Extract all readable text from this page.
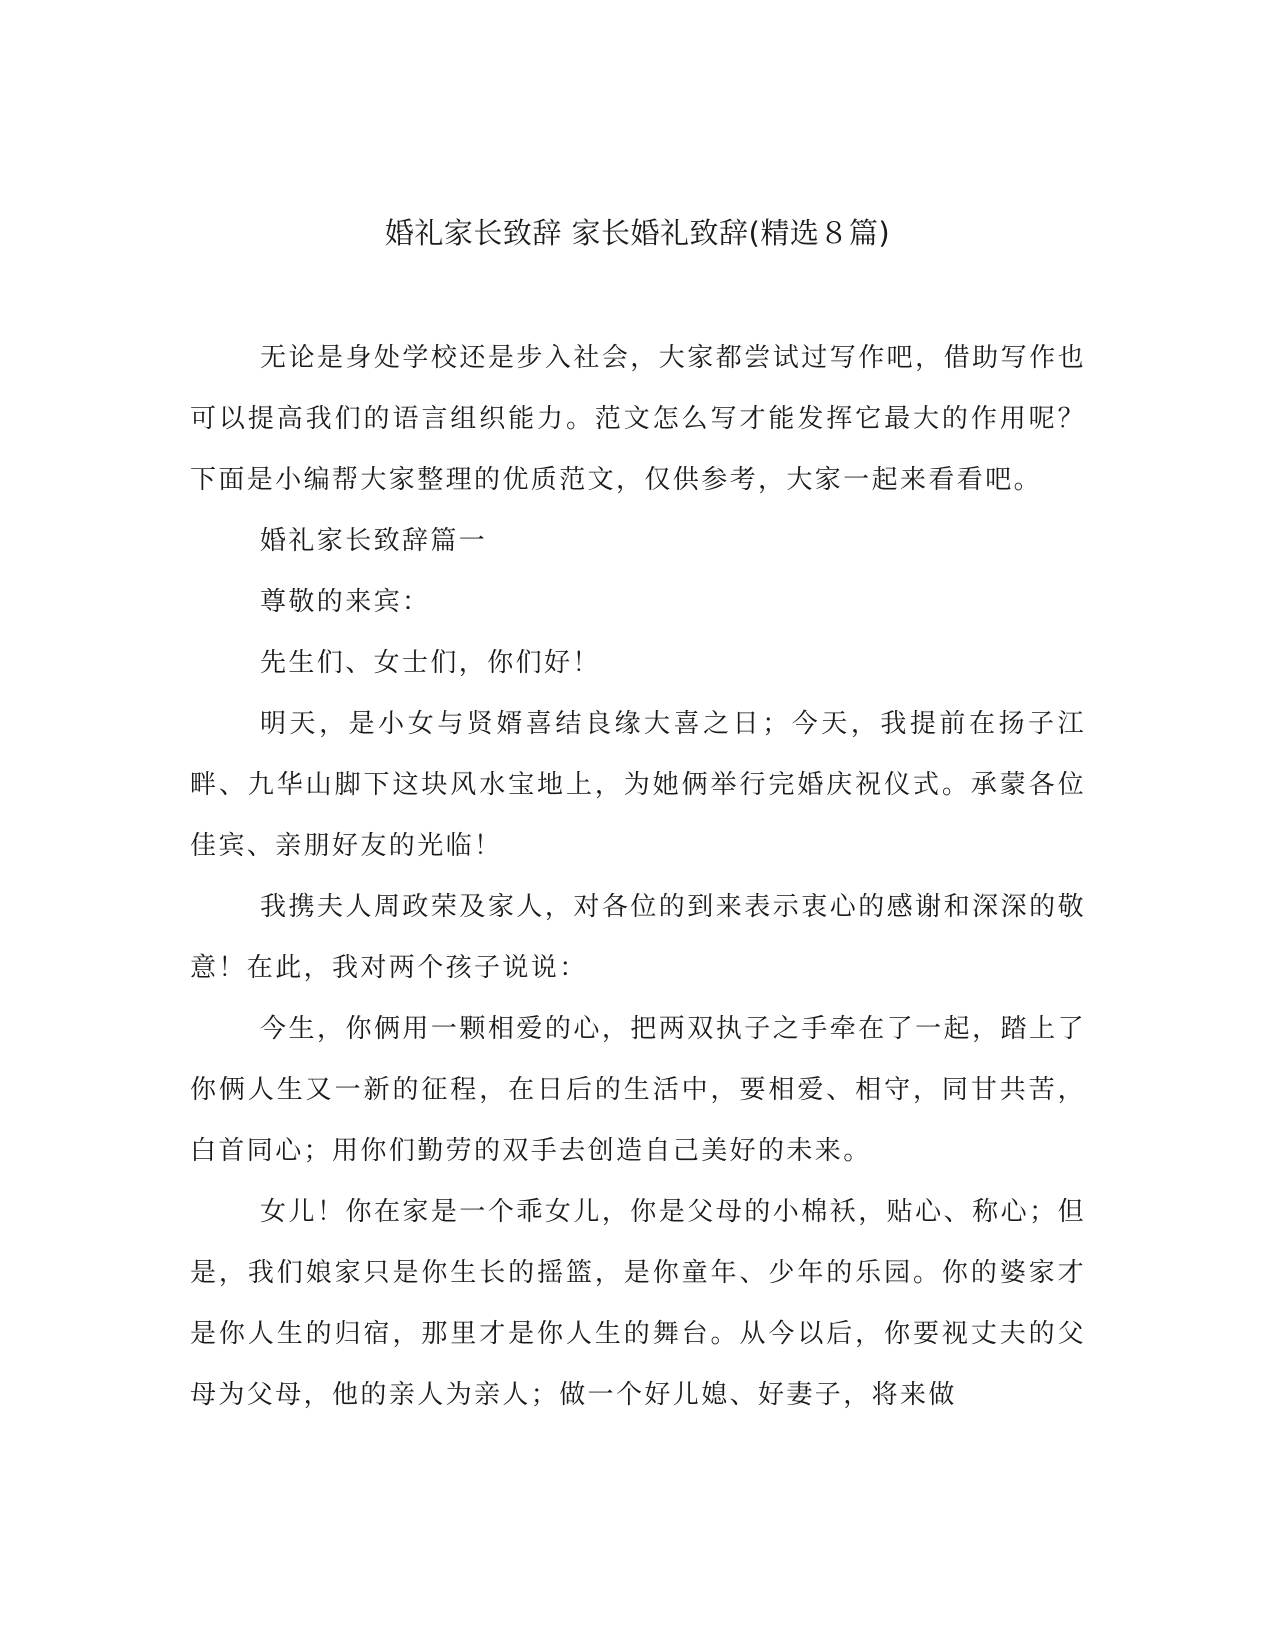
婚礼家长致辞 家长婚礼致辞(精选８篇)

无论是身处学校还是步入社会，大家都尝试过写作吧，借助写作也可以提高我们的语言组织能力。范文怎么写才能发挥它最大的作用呢？下面是小编帮大家整理的优质范文，仅供参考，大家一起来看看吧。

婚礼家长致辞篇一

尊敬的来宾：

先生们、女士们，你们好！

明天，是小女与贤婿喜结良缘大喜之日；今天，我提前在扬子江畔、九华山脚下这块风水宝地上，为她俩举行完婚庆祝仪式。承蒙各位佳宾、亲朋好友的光临！

我携夫人周政荣及家人，对各位的到来表示衷心的感谢和深深的敬意！在此，我对两个孩子说说：

今生，你俩用一颗相爱的心，把两双执子之手牵在了一起，踏上了你俩人生又一新的征程，在日后的生活中，要相爱、相守，同甘共苦，白首同心；用你们勤劳的双手去创造自己美好的未来。

女儿！你在家是一个乖女儿，你是父母的小棉袄，贴心、称心；但是，我们娘家只是你生长的摇篮，是你童年、少年的乐园。你的婆家才是你人生的归宿，那里才是你人生的舞台。从今以后，你要视丈夫的父母为父母，他的亲人为亲人；做一个好儿媳、好妻子，将来做
